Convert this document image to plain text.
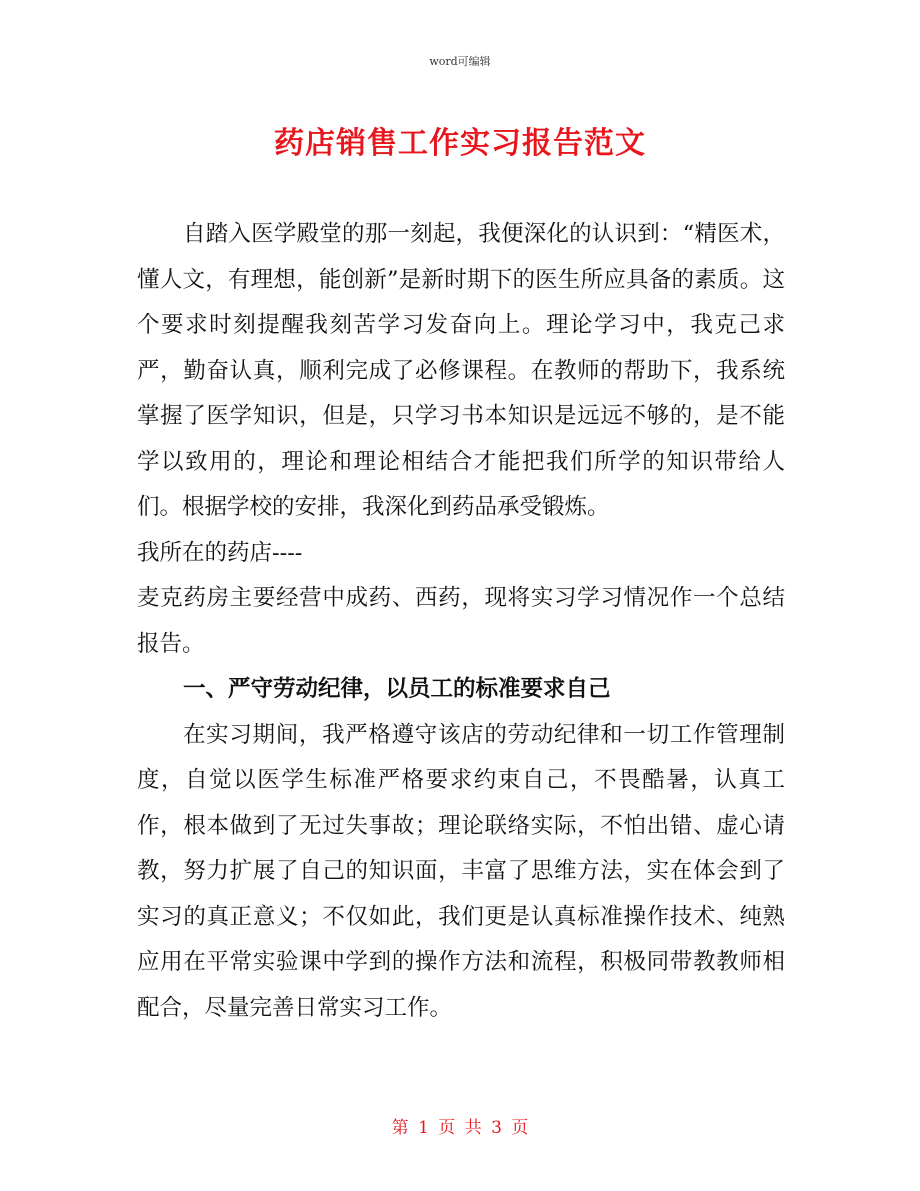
word可编辑
药店销售工作实习报告范文

自踏入医学殿堂的那一刻起，我便深化的认识到：“精医术，懂人文，有理想，能创新”是新时期下的医生所应具备的素质。这个要求时刻提醒我刻苦学习发奋向上。理论学习中，我克己求严，勤奋认真，顺利完成了必修课程。在教师的帮助下，我系统掌握了医学知识，但是，只学习书本知识是远远不够的，是不能学以致用的，理论和理论相结合才能把我们所学的知识带给人们。根据学校的安排，我深化到药品承受锻炼。

我所在的药店----

麦克药房主要经营中成药、西药，现将实习学习情况作一个总结报告。

一、严守劳动纪律，以员工的标准要求自己

在实习期间，我严格遵守该店的劳动纪律和一切工作管理制度，自觉以医学生标准严格要求约束自己，不畏酷暑，认真工作，根本做到了无过失事故；理论联络实际，不怕出错、虚心请教，努力扩展了自己的知识面，丰富了思维方法，实在体会到了实习的真正意义；不仅如此，我们更是认真标准操作技术、纯熟应用在平常实验课中学到的操作方法和流程，积极同带教教师相配合，尽量完善日常实习工作。

第 1 页 共 3 页
